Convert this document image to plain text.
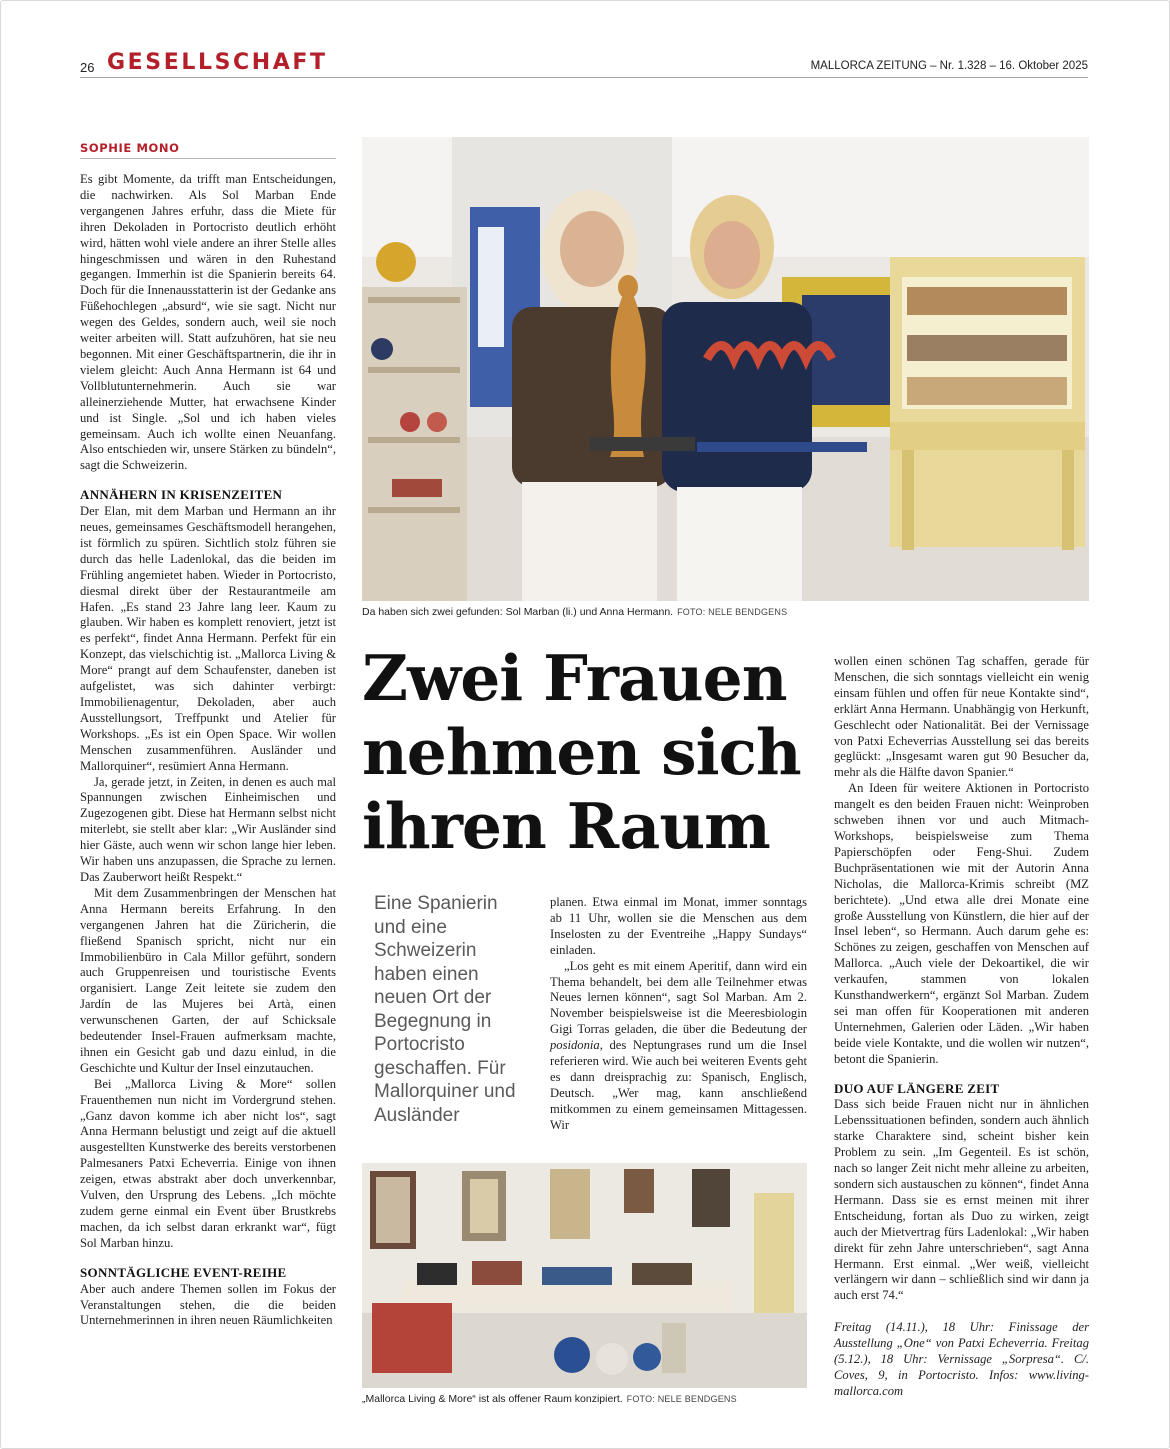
26 GESELLSCHAFT	MALLORCA ZEITUNG – Nr. 1.328 – 16. Oktober 2025
SOPHIE MONO

Es gibt Momente, da trifft man Entscheidungen, die nachwirken. Als Sol Marban Ende vergangenen Jahres erfuhr, dass die Miete für ihren Dekoladen in Portocristo deutlich erhöht wird, hätten wohl viele andere an ihrer Stelle alles hingeschmissen und wären in den Ruhestand gegangen. Immerhin ist die Spanierin bereits 64. Doch für die Innenausstatterin ist der Gedanke ans Füßehochlegen „absurd“, wie sie sagt. Nicht nur wegen des Geldes, sondern auch, weil sie noch weiter arbeiten will. Statt aufzuhören, hat sie neu begonnen. Mit einer Geschäftspartnerin, die ihr in vielem gleicht: Auch Anna Hermann ist 64 und Vollblutunternehmerin. Auch sie war alleinerziehende Mutter, hat erwachsene Kinder und ist Single. „Sol und ich haben vieles gemeinsam. Auch ich wollte einen Neuanfang. Also entschieden wir, unsere Stärken zu bündeln“, sagt die Schweizerin.

ANNÄHERN IN KRISENZEITEN

Der Elan, mit dem Marban und Hermann an ihr neues, gemeinsames Geschäftsmodell herangehen, ist förmlich zu spüren. Sichtlich stolz führen sie durch das helle Ladenlokal, das die beiden im Frühling angemietet haben. Wieder in Portocristo, diesmal direkt über der Restaurantmeile am Hafen. „Es stand 23 Jahre lang leer. Kaum zu glauben. Wir haben es komplett renoviert, jetzt ist es perfekt“, findet Anna Hermann. Perfekt für ein Konzept, das vielschichtig ist. „Mallorca Living & More“ prangt auf dem Schaufenster, daneben ist aufgelistet, was sich dahinter verbirgt: Immobilienagentur, Dekoladen, aber auch Ausstellungsort, Treffpunkt und Atelier für Workshops. „Es ist ein Open Space. Wir wollen Menschen zusammenführen. Ausländer und Mallorquiner“, resümiert Anna Hermann.

Ja, gerade jetzt, in Zeiten, in denen es auch mal Spannungen zwischen Einheimischen und Zugezogenen gibt. Diese hat Hermann selbst nicht miterlebt, sie stellt aber klar: „Wir Ausländer sind hier Gäste, auch wenn wir schon lange hier leben. Wir haben uns anzupassen, die Sprache zu lernen. Das Zauberwort heißt Respekt.“

Mit dem Zusammenbringen der Menschen hat Anna Hermann bereits Erfahrung. In den vergangenen Jahren hat die Züricherin, die fließend Spanisch spricht, nicht nur ein Immobilienbüro in Cala Millor geführt, sondern auch Gruppenreisen und touristische Events organisiert. Lange Zeit leitete sie zudem den Jardín de las Mujeres bei Artà, einen verwunschenen Garten, der auf Schicksale bedeutender Insel-Frauen aufmerksam machte, ihnen ein Gesicht gab und dazu einlud, in die Geschichte und Kultur der Insel einzutauchen.

Bei „Mallorca Living & More“ sollen Frauenthemen nun nicht im Vordergrund stehen. „Ganz davon komme ich aber nicht los“, sagt Anna Hermann belustigt und zeigt auf die aktuell ausgestellten Kunstwerke des bereits verstorbenen Palmesaners Patxi Echeverria. Einige von ihnen zeigen, etwas abstrakt aber doch unverkennbar, Vulven, den Ursprung des Lebens. „Ich möchte zudem gerne einmal ein Event über Brustkrebs machen, da ich selbst daran erkrankt war“, fügt Sol Marban hinzu.

SONNTÄGLICHE EVENT-REIHE

Aber auch andere Themen sollen im Fokus der Veranstaltungen stehen, die die beiden Unternehmerinnen in ihren neuen Räumlichkeiten

Da haben sich zwei gefunden: Sol Marban (li.) und Anna Hermann. FOTO: NELE BENDGENS
Zwei Frauen
nehmen sich
ihren Raum
Eine Spanierin und eine Schweizerin haben einen neuen Ort der Begegnung in Portocristo geschaffen. Für Mallorquiner und Ausländer

planen. Etwa einmal im Monat, immer sonntags ab 11 Uhr, wollen sie die Menschen aus dem Inselosten zu der Eventreihe „Happy Sundays“ einladen.

„Los geht es mit einem Aperitif, dann wird ein Thema behandelt, bei dem alle Teilnehmer etwas Neues lernen können“, sagt Sol Marban. Am 2. November beispielsweise ist die Meeresbiologin Gigi Torras geladen, die über die Bedeutung der posidonia, des Neptungrases rund um die Insel referieren wird. Wie auch bei weiteren Events geht es dann dreisprachig zu: Spanisch, Englisch, Deutsch. „Wer mag, kann anschließend mitkommen zu einem gemeinsamen Mittagessen. Wir

„Mallorca Living & More“ ist als offener Raum konzipiert. FOTO: NELE BENDGENS

wollen einen schönen Tag schaffen, gerade für Menschen, die sich sonntags vielleicht ein wenig einsam fühlen und offen für neue Kontakte sind“, erklärt Anna Hermann. Unabhängig von Herkunft, Geschlecht oder Nationalität. Bei der Vernissage von Patxi Echeverrias Ausstellung sei das bereits geglückt: „Insgesamt waren gut 90 Besucher da, mehr als die Hälfte davon Spanier.“

An Ideen für weitere Aktionen in Portocristo mangelt es den beiden Frauen nicht: Weinproben schweben ihnen vor und auch Mitmach-Workshops, beispielsweise zum Thema Papierschöpfen oder Feng-Shui. Zudem Buchpräsentationen wie mit der Autorin Anna Nicholas, die Mallorca-Krimis schreibt (MZ berichtete). „Und etwa alle drei Monate eine große Ausstellung von Künstlern, die hier auf der Insel leben“, so Hermann. Auch darum gehe es: Schönes zu zeigen, geschaffen von Menschen auf Mallorca. „Auch viele der Dekoartikel, die wir verkaufen, stammen von lokalen Kunsthandwerkern“, ergänzt Sol Marban. Zudem sei man offen für Kooperationen mit anderen Unternehmen, Galerien oder Läden. „Wir haben beide viele Kontakte, und die wollen wir nutzen“, betont die Spanierin.

DUO AUF LÄNGERE ZEIT

Dass sich beide Frauen nicht nur in ähnlichen Lebenssituationen befinden, sondern auch ähnlich starke Charaktere sind, scheint bisher kein Problem zu sein. „Im Gegenteil. Es ist schön, nach so langer Zeit nicht mehr alleine zu arbeiten, sondern sich austauschen zu können“, findet Anna Hermann. Dass sie es ernst meinen mit ihrer Entscheidung, fortan als Duo zu wirken, zeigt auch der Mietvertrag fürs Ladenlokal: „Wir haben direkt für zehn Jahre unterschrieben“, sagt Anna Hermann. Erst einmal. „Wer weiß, vielleicht verlängern wir dann – schließlich sind wir dann ja auch erst 74.“

Freitag (14.11.), 18 Uhr: Finissage der Ausstellung „One“ von Patxi Echeverria. Freitag (5.12.), 18 Uhr: Vernissage „Sorpresa“. C/. Coves, 9, in Portocristo. Infos: www.living-mallorca.com
